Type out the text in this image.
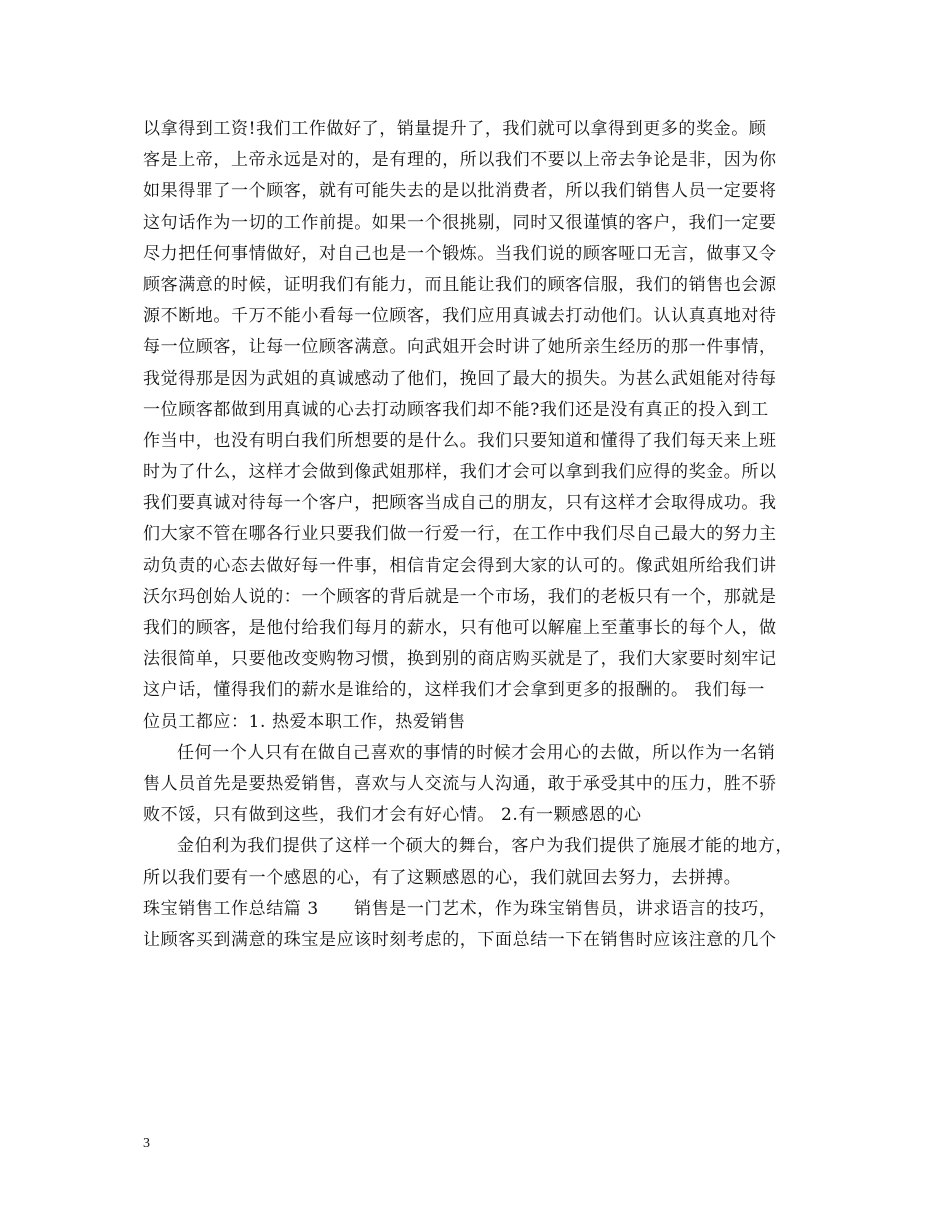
以拿得到工资!我们工作做好了，销量提升了，我们就可以拿得到更多的奖金。顾
客是上帝，上帝永远是对的，是有理的，所以我们不要以上帝去争论是非，因为你
如果得罪了一个顾客，就有可能失去的是以批消费者，所以我们销售人员一定要将
这句话作为一切的工作前提。如果一个很挑剔，同时又很谨慎的客户，我们一定要
尽力把任何事情做好，对自己也是一个锻炼。当我们说的顾客哑口无言，做事又令
顾客满意的时候，证明我们有能力，而且能让我们的顾客信服，我们的销售也会源
源不断地。千万不能小看每一位顾客，我们应用真诚去打动他们。认认真真地对待
每一位顾客，让每一位顾客满意。向武姐开会时讲了她所亲生经历的那一件事情，
我觉得那是因为武姐的真诚感动了他们，挽回了最大的损失。为甚么武姐能对待每
一位顾客都做到用真诚的心去打动顾客我们却不能?我们还是没有真正的投入到工
作当中，也没有明白我们所想要的是什么。我们只要知道和懂得了我们每天来上班
时为了什么，这样才会做到像武姐那样，我们才会可以拿到我们应得的奖金。所以
我们要真诚对待每一个客户，把顾客当成自己的朋友，只有这样才会取得成功。我
们大家不管在哪各行业只要我们做一行爱一行，在工作中我们尽自己最大的努力主
动负责的心态去做好每一件事，相信肯定会得到大家的认可的。像武姐所给我们讲
沃尔玛创始人说的：一个顾客的背后就是一个市场，我们的老板只有一个，那就是
我们的顾客，是他付给我们每月的薪水，只有他可以解雇上至董事长的每个人，做
法很简单，只要他改变购物习惯，换到别的商店购买就是了，我们大家要时刻牢记
这户话，懂得我们的薪水是谁给的，这样我们才会拿到更多的报酬的。 我们每一
位员工都应：1. 热爱本职工作，热爱销售
任何一个人只有在做自己喜欢的事情的时候才会用心的去做，所以作为一名销
售人员首先是要热爱销售，喜欢与人交流与人沟通，敢于承受其中的压力，胜不骄
败不馁，只有做到这些，我们才会有好心情。 2.有一颗感恩的心
金伯利为我们提供了这样一个硕大的舞台，客户为我们提供了施展才能的地方，
所以我们要有一个感恩的心，有了这颗感恩的心，我们就回去努力，去拼搏。
珠宝销售工作总结篇 3　　销售是一门艺术，作为珠宝销售员，讲求语言的技巧，
让顾客买到满意的珠宝是应该时刻考虑的，下面总结一下在销售时应该注意的几个
3
